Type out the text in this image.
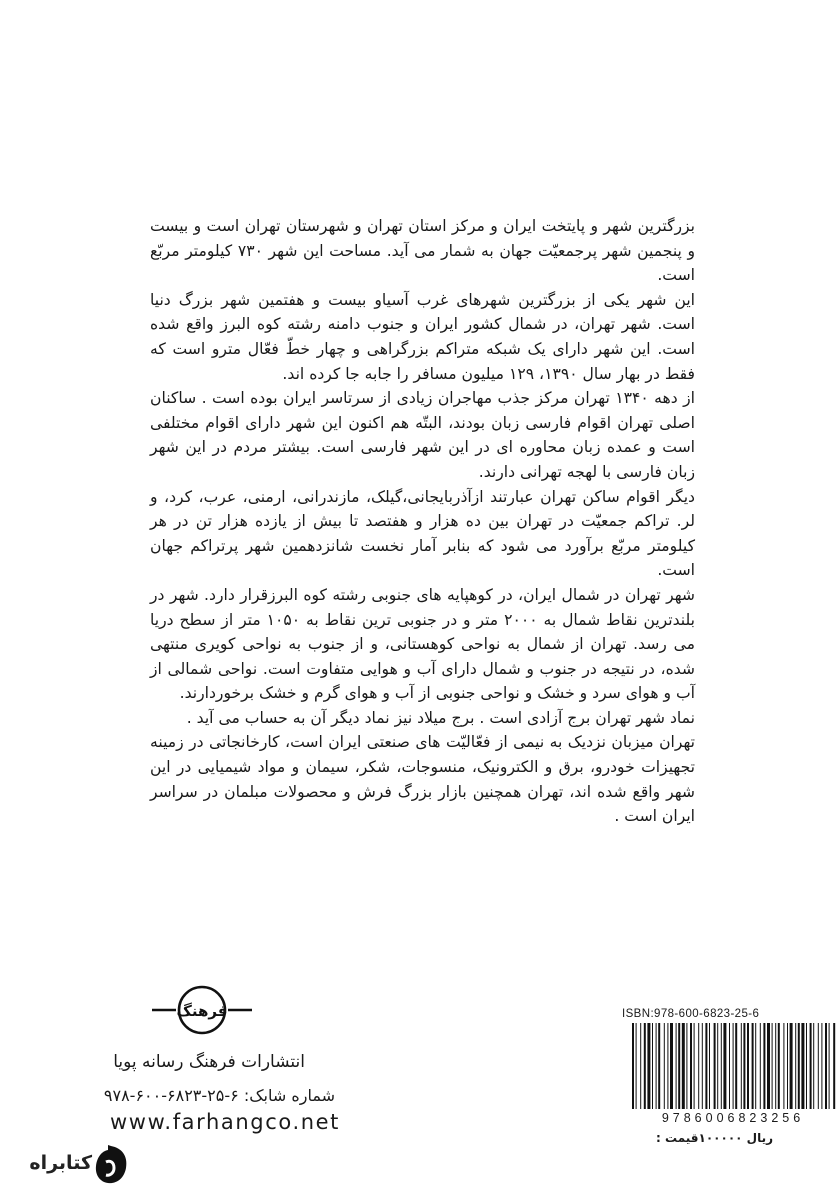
بزرگترین شهر و پایتخت ایران و مرکز استان تهران و شهرستان تهران است و بیست و پنجمین شهر پرجمعیّت جهان به شمار می آید. مساحت این شهر ۷۳۰ کیلومتر مربّع است.

این شهر یکی از بزرگترین شهرهای غرب آسیاو بیست و هفتمین شهر بزرگ دنیا است. شهر تهران، در شمال کشور ایران و جنوب دامنه رشته کوه البرز واقع شده است. این شهر دارای یک شبکه متراکم بزرگراهی و چهار خطّ فعّال مترو است که فقط در بهار سال ۱۳۹۰، ۱۲۹ میلیون مسافر را جابه جا کرده اند.

از دهه ۱۳۴۰ تهران مرکز جذب مهاجران زیادی از سرتاسر ایران بوده است . ساکنان اصلی تهران اقوام فارسی زبان بودند، البتّه هم اکنون این شهر دارای اقوام مختلفی است و عمده زبان محاوره ای در این شهر فارسی است. بیشتر مردم در این شهر زبان فارسی با لهجه تهرانی دارند.

دیگر اقوام ساکن تهران عبارتند ازآذربایجانی،گیلک، مازندرانی، ارمنی، عرب، کرد، و لر. تراکم جمعیّت در تهران بین ده هزار و هفتصد تا بیش از یازده هزار تن در هر کیلومتر مربّع برآورد می شود که بنابر آمار نخست شانزدهمین شهر پرتراکم جهان است.

شهر تهران در شمال ایران، در کوهپایه های جنوبی رشته کوه البرزقرار دارد. شهر در بلندترین نقاط شمال به ۲۰۰۰ متر و در جنوبی ترین نقاط به ۱۰۵۰ متر از سطح دریا می رسد. تهران از شمال به نواحی کوهستانی، و از جنوب به نواحی کویری منتهی شده، در نتیجه در جنوب و شمال دارای آب و هوایی متفاوت است. نواحی شمالی از آب و هوای سرد و خشک و نواحی جنوبی از آب و هوای گرم و خشک برخوردارند.

نماد شهر تهران برج آزادی است . برج میلاد نیز نماد دیگر آن به حساب می آید .

تهران میزبان نزدیک به نیمی از فعّالیّت های صنعتی ایران است، کارخانجاتی در زمینه تجهیزات خودرو، برق و الکترونیک، منسوجات، شکر، سیمان و مواد شیمیایی در این شهر واقع شده اند، تهران همچنین بازار بزرگ فرش و محصولات مبلمان در سراسر ایران است .

فرهنگ
انتشارات فرهنگ رسانه پویا
شماره شابک: ۶-۲۵-۶۸۲۳-۶۰۰-۹۷۸
www.farhangco.net
ISBN:978-600-6823-25-6
9786006823256
ریال ۱۰۰۰۰۰قیمت :
کتابراه
